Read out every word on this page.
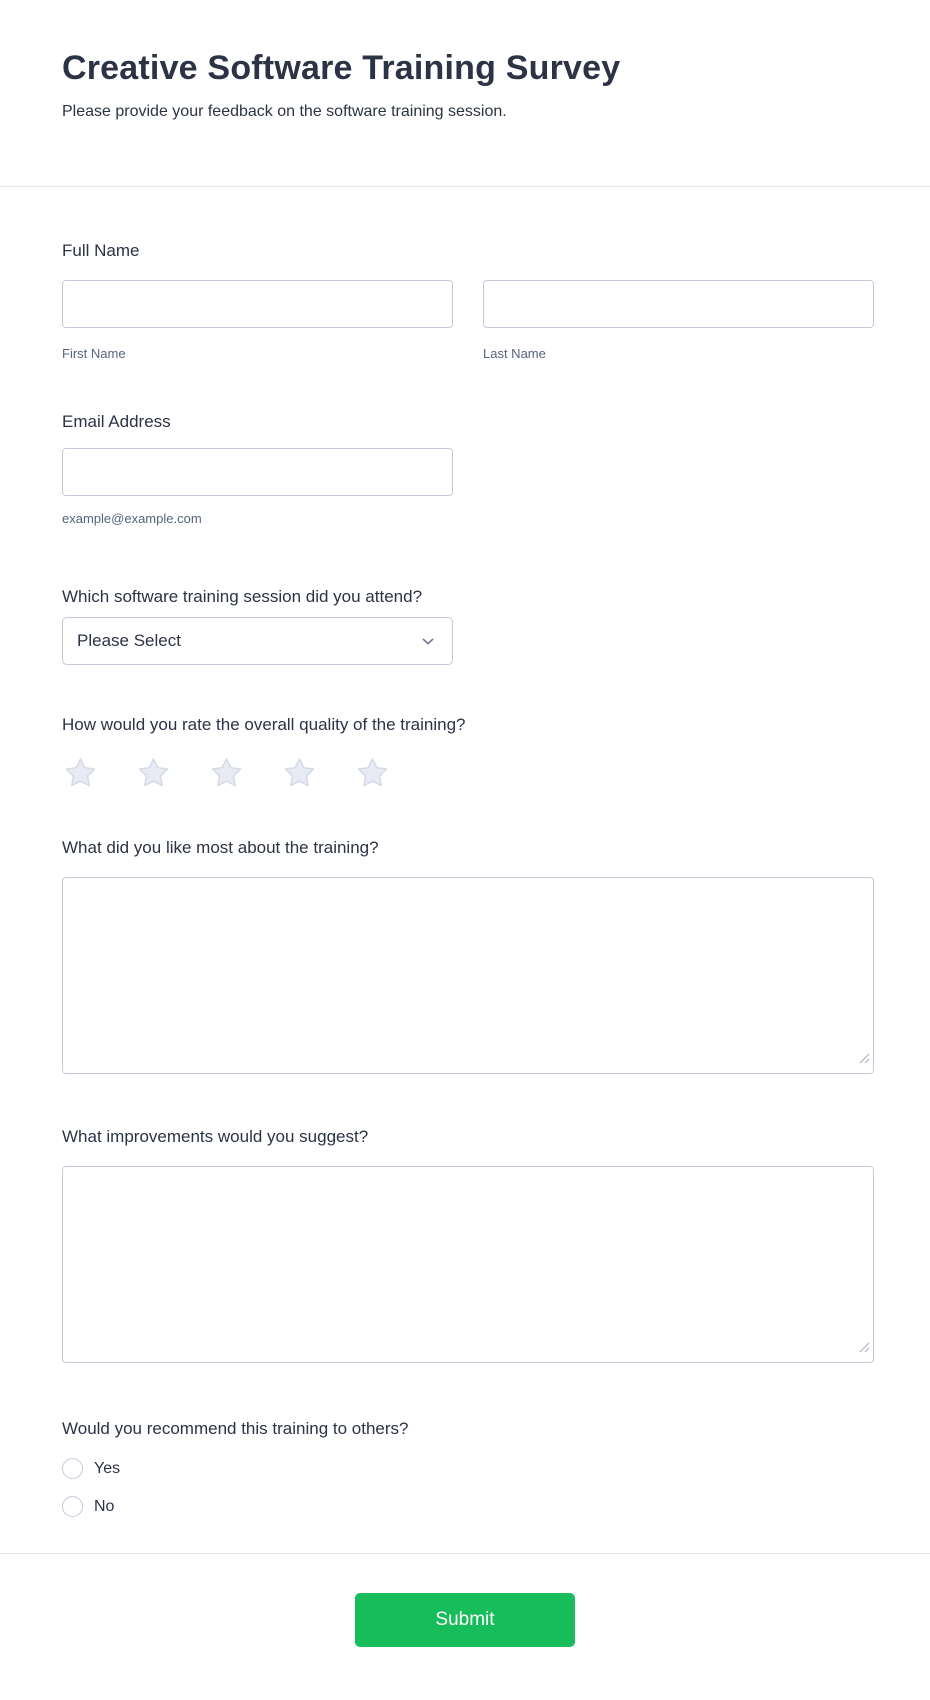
Creative Software Training Survey
Please provide your feedback on the software training session.
Full Name
First Name	Last Name
Email Address
example@example.com
Which software training session did you attend?
Please Select
How would you rate the overall quality of the training?
What did you like most about the training?
What improvements would you suggest?
Would you recommend this training to others?
Yes
No
Submit
